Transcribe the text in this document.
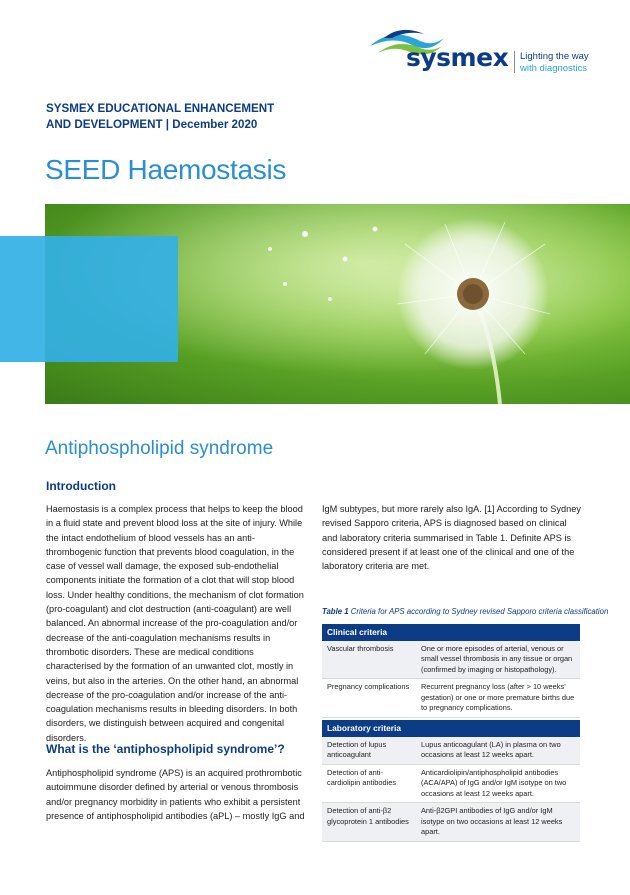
sysmex Lighting the way
with diagnostics
SYSMEX EDUCATIONAL ENHANCEMENT
AND DEVELOPMENT | December 2020
SEED Haemostasis
Antiphospholipid syndrome
Introduction

Haemostasis is a complex process that helps to keep the blood in a fluid state and prevent blood loss at the site of injury. While the intact endothelium of blood vessels has an anti-thrombogenic function that prevents blood coagulation, in the case of vessel wall damage, the exposed sub-endothelial components initiate the formation of a clot that will stop blood loss. Under healthy conditions, the mechanism of clot formation (pro-coagulant) and clot destruction (anti-coagulant) are well balanced. An abnormal increase of the pro-coagulation and/or decrease of the anti-coagulation mechanisms results in thrombotic disorders. These are medical conditions characterised by the formation of an unwanted clot, mostly in veins, but also in the arteries. On the other hand, an abnormal decrease of the pro-coagulation and/or increase of the anti-coagulation mechanisms results in bleeding disorders. In both disorders, we distinguish between acquired and congenital disorders.

What is the ‘antiphospholipid syndrome’?

Antiphospholipid syndrome (APS) is an acquired prothrombotic autoimmune disorder defined by arterial or venous thrombosis and/or pregnancy morbidity in patients who exhibit a persistent presence of antiphospholipid antibodies (aPL) – mostly IgG and

IgM subtypes, but more rarely also IgA. [1] According to Sydney revised Sapporo criteria, APS is diagnosed based on clinical and laboratory criteria summarised in Table 1. Definite APS is considered present if at least one of the clinical and one of the laboratory criteria are met.

Table 1 Criteria for APS according to Sydney revised Sapporo criteria classification
Clinical criteria	
Vascular thrombosis	One or more episodes of arterial, venous or small vessel thrombosis in any tissue or organ (confirmed by imaging or histopathology).
Pregnancy complications	Recurrent pregnancy loss (after > 10 weeks’ gestation) or one or more premature births due to pregnancy complications.
Laboratory criteria	
Detection of lupus anticoagulant	Lupus anticoagulant (LA) in plasma on two occasions at least 12 weeks apart.
Detection of anti-cardiolipin antibodies	Anticardiolipin/antiphospholipid antibodies (ACA/APA) of IgG and/or IgM isotype on two occasions at least 12 weeks apart.
Detection of anti-β2 glycoprotein 1 antibodies	Anti-β2GPI antibodies of IgG and/or IgM isotype on two occasions at least 12 weeks apart.
